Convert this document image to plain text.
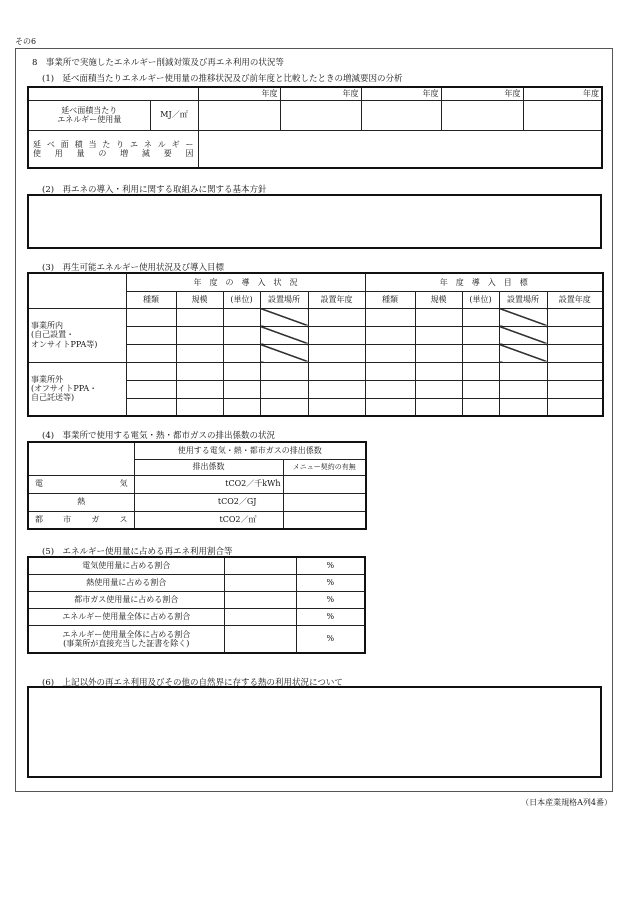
その6
8　事業所で実施したエネルギー削減対策及び再エネ利用の状況等
(1)　延べ面積当たりエネルギー使用量の推移状況及び前年度と比較したときの増減要因の分析
		年度	年度	年度	年度	年度

延べ面積当たり
エネルギー使用量	MJ／㎡					

延べ面積当たりエネルギー
使用量の増減要因						

(2)　再エネの導入・利用に関する取組みに関する基本方針
(3)　再生可能エネルギー使用状況及び導入目標
	年　度　の　導　入　状　況					年　度　導　入　目　標				
	種類	規模	(単位)	設置場所	設置年度	種類	規模	(単位)	設置場所	設置年度

事業所内
(自己設置・
オンサイトPPA等)										

事業所外
(オフサイトPPA・
自己託送等)										

(4)　事業所で使用する電気・熱・都市ガスの排出係数の状況
	使用する電気・熱・都市ガスの排出係数	
	排出係数	メニュー契約の有無
電　　　　　気	tCO2／千kWh	
熱	tCO2／GJ	
都　市　ガ　ス	tCO2／㎥	
(5)　エネルギー使用量に占める再エネ利用割合等
電気使用量に占める割合		%
熱使用量に占める割合		%
都市ガス使用量に占める割合		%
エネルギー使用量全体に占める割合		%

エネルギー使用量全体に占める割合
(事業所が直接充当した証書を除く)		%
(6)　上記以外の再エネ利用及びその他の自然界に存する熱の利用状況について
（日本産業規格A列4番）
